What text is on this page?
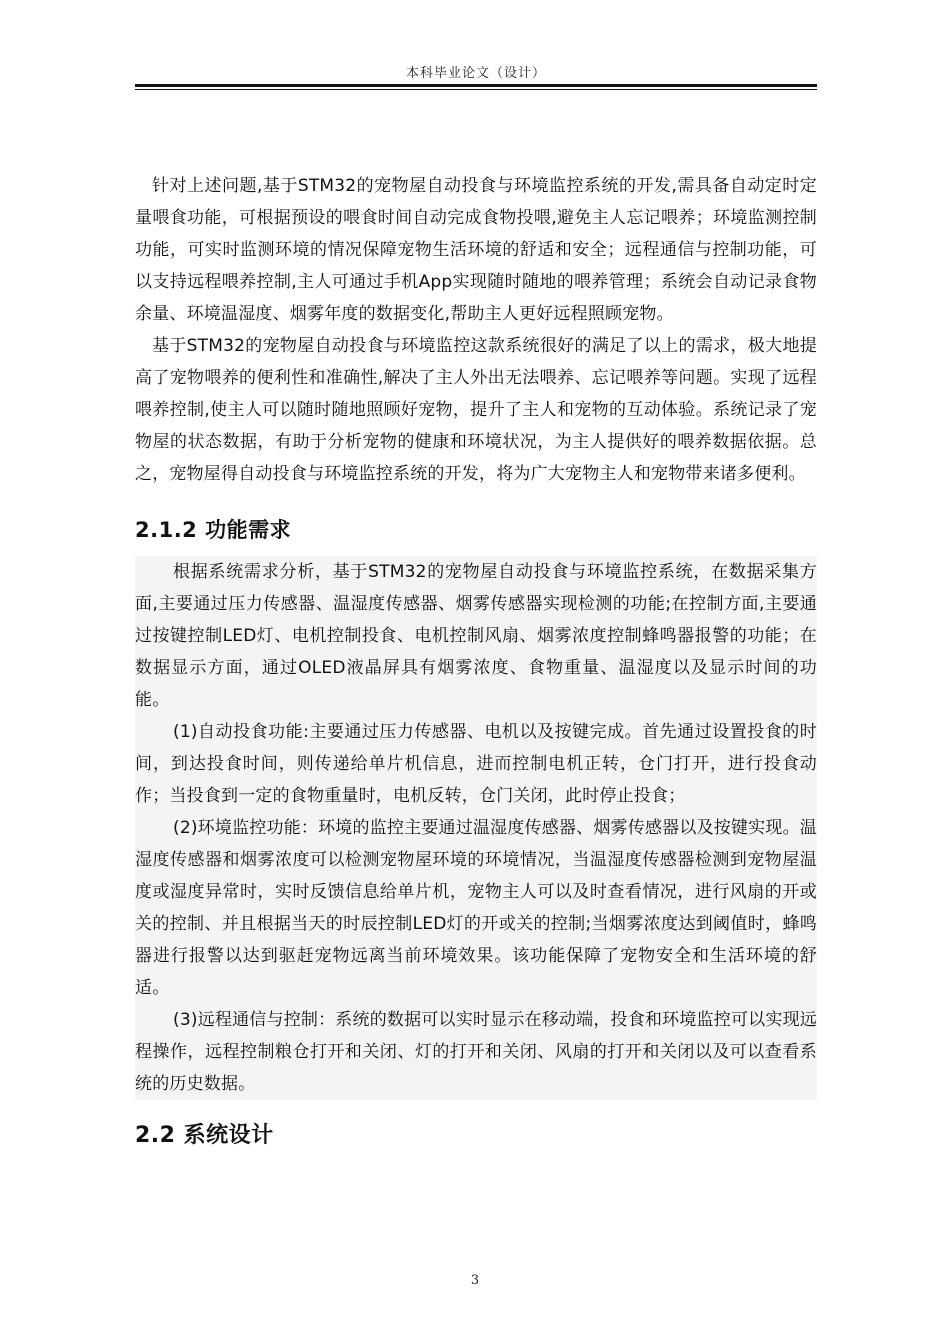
本科毕业论文（设计）

针对上述问题,基于STM32的宠物屋自动投食与环境监控系统的开发,需具备自动定时定量喂食功能，可根据预设的喂食时间自动完成食物投喂,避免主人忘记喂养；环境监测控制功能，可实时监测环境的情况保障宠物生活环境的舒适和安全；远程通信与控制功能，可以支持远程喂养控制,主人可通过手机App实现随时随地的喂养管理；系统会自动记录食物余量、环境温湿度、烟雾年度的数据变化,帮助主人更好远程照顾宠物。

基于STM32的宠物屋自动投食与环境监控这款系统很好的满足了以上的需求，极大地提高了宠物喂养的便利性和准确性,解决了主人外出无法喂养、忘记喂养等问题。实现了远程喂养控制,使主人可以随时随地照顾好宠物，提升了主人和宠物的互动体验。系统记录了宠物屋的状态数据，有助于分析宠物的健康和环境状况，为主人提供好的喂养数据依据。总之，宠物屋得自动投食与环境监控系统的开发，将为广大宠物主人和宠物带来诸多便利。

2.1.2 功能需求

根据系统需求分析，基于STM32的宠物屋自动投食与环境监控系统，在数据采集方面,主要通过压力传感器、温湿度传感器、烟雾传感器实现检测的功能;在控制方面,主要通过按键控制LED灯、电机控制投食、电机控制风扇、烟雾浓度控制蜂鸣器报警的功能；在数据显示方面，通过OLED液晶屏具有烟雾浓度、食物重量、温湿度以及显示时间的功能。

(1)自动投食功能:主要通过压力传感器、电机以及按键完成。首先通过设置投食的时间，到达投食时间，则传递给单片机信息，进而控制电机正转，仓门打开，进行投食动作；当投食到一定的食物重量时，电机反转，仓门关闭，此时停止投食；

(2)环境监控功能：环境的监控主要通过温湿度传感器、烟雾传感器以及按键实现。温湿度传感器和烟雾浓度可以检测宠物屋环境的环境情况，当温湿度传感器检测到宠物屋温度或湿度异常时，实时反馈信息给单片机，宠物主人可以及时查看情况，进行风扇的开或关的控制、并且根据当天的时辰控制LED灯的开或关的控制;当烟雾浓度达到阈值时，蜂鸣器进行报警以达到驱赶宠物远离当前环境效果。该功能保障了宠物安全和生活环境的舒适。

(3)远程通信与控制：系统的数据可以实时显示在移动端，投食和环境监控可以实现远程操作，远程控制粮仓打开和关闭、灯的打开和关闭、风扇的打开和关闭以及可以查看系统的历史数据。

2.2 系统设计
3
